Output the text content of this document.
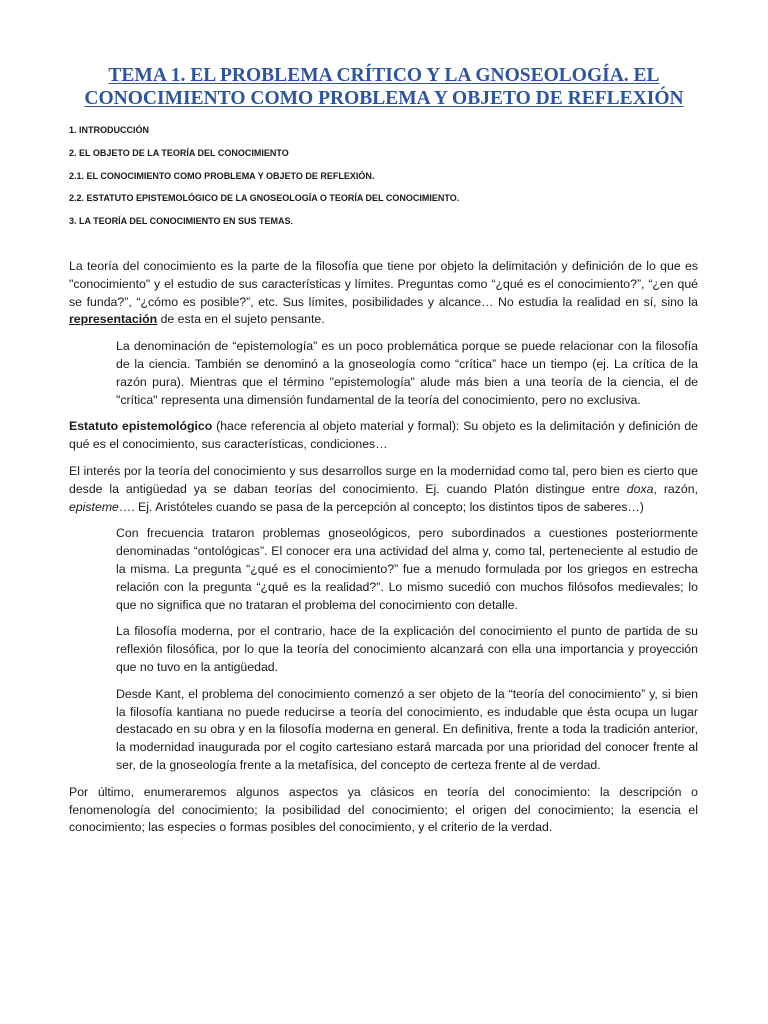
TEMA 1. EL PROBLEMA CRÍTICO Y LA GNOSEOLOGÍA. EL CONOCIMIENTO COMO PROBLEMA Y OBJETO DE REFLEXIÓN
1. INTRODUCCIÓN
2. EL OBJETO DE LA TEORÍA DEL CONOCIMIENTO
2.1. EL CONOCIMIENTO COMO PROBLEMA Y OBJETO DE REFLEXIÓN.
2.2. ESTATUTO EPISTEMOLÓGICO DE LA GNOSEOLOGÍA O TEORÍA DEL CONOCIMIENTO.
3. LA TEORÍA DEL CONOCIMIENTO EN SUS TEMAS.

La teoría del conocimiento es la parte de la filosofía que tiene por objeto la delimitación y definición de lo que es "conocimiento" y el estudio de sus características y límites. Preguntas como “¿qué es el conocimiento?”, “¿en qué se funda?”, “¿cómo es posible?”, etc. Sus límites, posibilidades y alcance… No estudia la realidad en sí, sino la representación de esta en el sujeto pensante.

La denominación de “epistemología” es un poco problemática porque se puede relacionar con la filosofía de la ciencia. También se denominó a la gnoseología como “crítica” hace un tiempo (ej. La crítica de la razón pura). Mientras que el término "epistemología" alude más bien a una teoría de la ciencia, el de "crítica" representa una dimensión fundamental de la teoría del conocimiento, pero no exclusiva.

Estatuto epistemológico (hace referencia al objeto material y formal): Su objeto es la delimitación y definición de qué es el conocimiento, sus características, condiciones…

El interés por la teoría del conocimiento y sus desarrollos surge en la modernidad como tal, pero bien es cierto que desde la antigüedad ya se daban teorías del conocimiento. Ej. cuando Platón distingue entre doxa, razón, episteme…. Ej. Aristóteles cuando se pasa de la percepción al concepto; los distintos tipos de saberes…)

Con frecuencia trataron problemas gnoseológicos, pero subordinados a cuestiones posteriormente denominadas “ontológicas”. El conocer era una actividad del alma y, como tal, perteneciente al estudio de la misma. La pregunta “¿qué es el conocimiento?” fue a menudo formulada por los griegos en estrecha relación con la pregunta “¿qué es la realidad?”. Lo mismo sucedió con muchos filósofos medievales; lo que no significa que no trataran el problema del conocimiento con detalle.

La filosofía moderna, por el contrario, hace de la explicación del conocimiento el punto de partida de su reflexión filosófica, por lo que la teoría del conocimiento alcanzará con ella una importancia y proyección que no tuvo en la antigüedad.

Desde Kant, el problema del conocimiento comenzó a ser objeto de la “teoría del conocimiento” y, si bien la filosofía kantiana no puede reducirse a teoría del conocimiento, es indudable que ésta ocupa un lugar destacado en su obra y en la filosofía moderna en general. En definitiva, frente a toda la tradición anterior, la modernidad inaugurada por el cogito cartesiano estará marcada por una prioridad del conocer frente al ser, de la gnoseología frente a la metafísica, del concepto de certeza frente al de verdad.

Por último, enumeraremos algunos aspectos ya clásicos en teoría del conocimiento: la descripción o fenomenología del conocimiento; la posibilidad del conocimiento; el origen del conocimiento; la esencia el conocimiento; las especies o formas posibles del conocimiento, y el criterio de la verdad.
